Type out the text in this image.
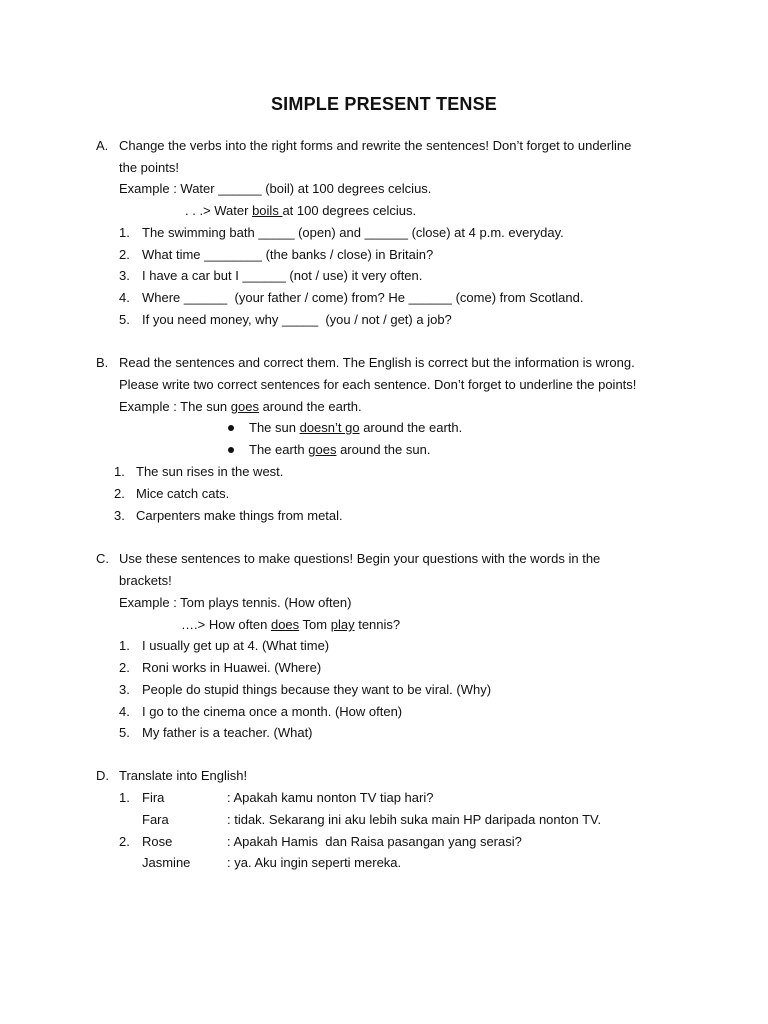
SIMPLE PRESENT TENSE
A. Change the verbs into the right forms and rewrite the sentences! Don’t forget to underline
the points!
Example : Water ______ (boil) at 100 degrees celcius.
. . .> Water boils at 100 degrees celcius.
1. The swimming bath _____ (open) and ______ (close) at 4 p.m. everyday.
2. What time ________ (the banks / close) in Britain?
3. I have a car but I ______ (not / use) it very often.
4. Where ______  (your father / come) from? He ______ (come) from Scotland.
5. If you need money, why _____  (you / not / get) a job?
B. Read the sentences and correct them. The English is correct but the information is wrong.
Please write two correct sentences for each sentence. Don’t forget to underline the points!
Example : The sun goes around the earth.
The sun doesn’t go around the earth.
The earth goes around the sun.
1. The sun rises in the west.
2. Mice catch cats.
3. Carpenters make things from metal.
C. Use these sentences to make questions! Begin your questions with the words in the
brackets!
Example : Tom plays tennis. (How often)
….> How often does Tom play tennis?
1. I usually get up at 4. (What time)
2. Roni works in Huawei. (Where)
3. People do stupid things because they want to be viral. (Why)
4. I go to the cinema once a month. (How often)
5. My father is a teacher. (What)
D. Translate into English!
1. Fira	: Apakah kamu nonton TV tiap hari?
Fara	: tidak. Sekarang ini aku lebih suka main HP daripada nonton TV.
2. Rose	: Apakah Hamis  dan Raisa pasangan yang serasi?
Jasmine	: ya. Aku ingin seperti mereka.
